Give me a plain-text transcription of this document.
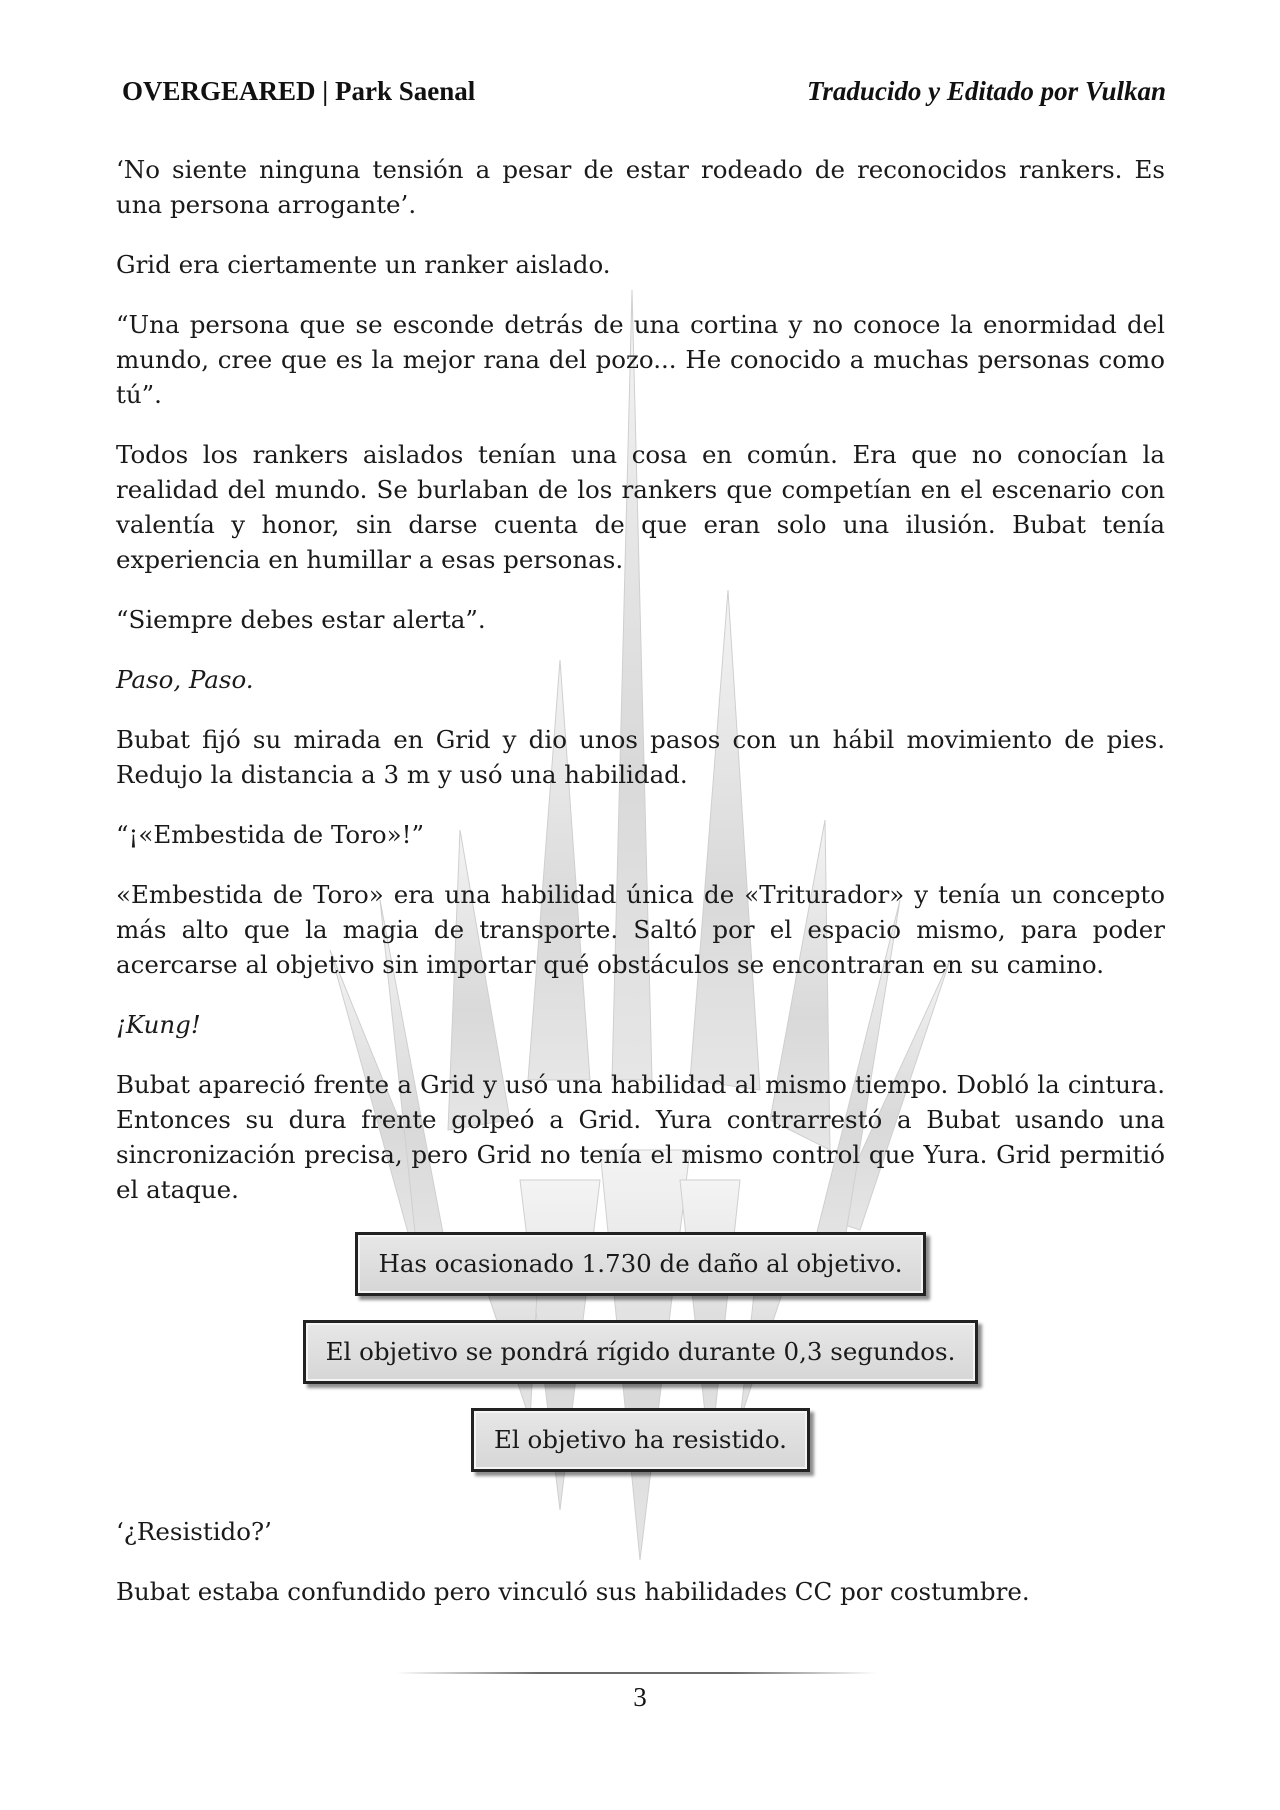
OVERGEARED | Park Saenal	Traducido y Editado por Vulkan

‘No siente ninguna tensión a pesar de estar rodeado de reconocidos rankers. Es una persona arrogante’.

Grid era ciertamente un ranker aislado.

“Una persona que se esconde detrás de una cortina y no conoce la enormidad del mundo, cree que es la mejor rana del pozo... He conocido a muchas personas como tú”.

Todos los rankers aislados tenían una cosa en común. Era que no conocían la realidad del mundo. Se burlaban de los rankers que competían en el escenario con valentía y honor, sin darse cuenta de que eran solo una ilusión. Bubat tenía experiencia en humillar a esas personas.

“Siempre debes estar alerta”.

Paso, Paso.

Bubat fijó su mirada en Grid y dio unos pasos con un hábil movimiento de pies. Redujo la distancia a 3 m y usó una habilidad.

“¡«Embestida de Toro»!”

«Embestida de Toro» era una habilidad única de «Triturador» y tenía un concepto más alto que la magia de transporte. Saltó por el espacio mismo, para poder acercarse al objetivo sin importar qué obstáculos se encontraran en su camino.

¡Kung!

Bubat apareció frente a Grid y usó una habilidad al mismo tiempo. Dobló la cintura. Entonces su dura frente golpeó a Grid. Yura contrarrestó a Bubat usando una sincronización precisa, pero Grid no tenía el mismo control que Yura. Grid permitió el ataque.

Has ocasionado 1.730 de daño al objetivo.
El objetivo se pondrá rígido durante 0,3 segundos.
El objetivo ha resistido.

‘¿Resistido?’

Bubat estaba confundido pero vinculó sus habilidades CC por costumbre.

3
